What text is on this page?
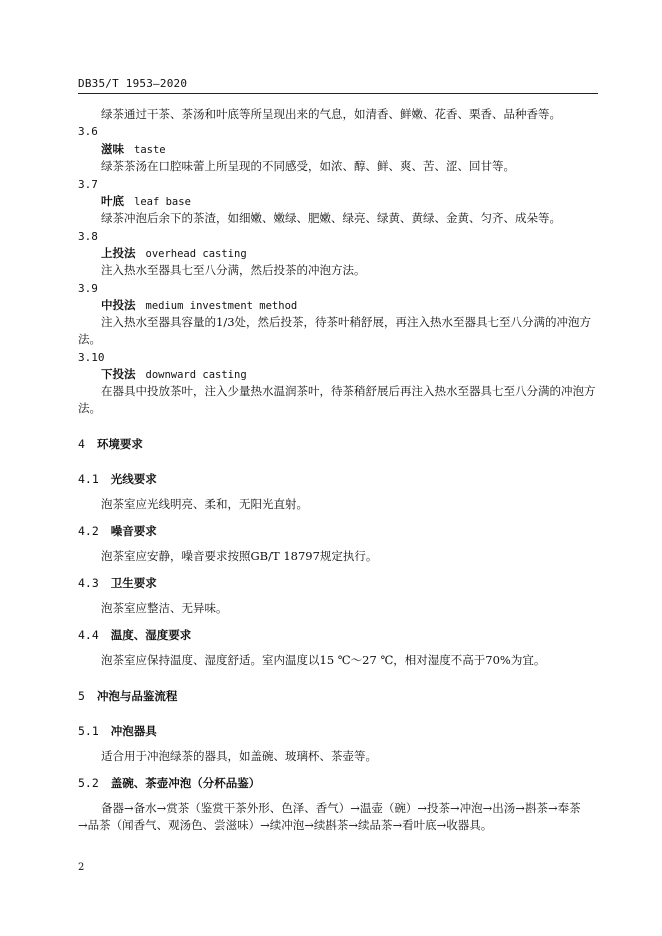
DB35/T 1953—2020
绿茶通过干茶、茶汤和叶底等所呈现出来的气息，如清香、鲜嫩、花香、栗香、品种香等。
3.6
滋味 taste
绿茶茶汤在口腔味蕾上所呈现的不同感受，如浓、醇、鲜、爽、苦、涩、回甘等。
3.7
叶底 leaf base
绿茶冲泡后余下的茶渣，如细嫩、嫩绿、肥嫩、绿亮、绿黄、黄绿、金黄、匀齐、成朵等。
3.8
上投法 overhead casting
注入热水至器具七至八分满，然后投茶的冲泡方法。
3.9
中投法 medium investment method
注入热水至器具容量的1/3处，然后投茶，待茶叶稍舒展，再注入热水至器具七至八分满的冲泡方
法。
3.10
下投法 downward casting
在器具中投放茶叶，注入少量热水温润茶叶，待茶稍舒展后再注入热水至器具七至八分满的冲泡方
法。
4 环境要求
4.1 光线要求
泡茶室应光线明亮、柔和，无阳光直射。
4.2 噪音要求
泡茶室应安静，噪音要求按照GB/T 18797规定执行。
4.3 卫生要求
泡茶室应整洁、无异味。
4.4 温度、湿度要求
泡茶室应保持温度、湿度舒适。室内温度以15 ℃～27 ℃，相对湿度不高于70%为宜。
5 冲泡与品鉴流程
5.1 冲泡器具
适合用于冲泡绿茶的器具，如盖碗、玻璃杯、茶壶等。
5.2 盖碗、茶壶冲泡（分杯品鉴）
备器→备水→赏茶（鉴赏干茶外形、色泽、香气）→温壶（碗）→投茶→冲泡→出汤→斟茶→奉茶
→品茶（闻香气、观汤色、尝滋味）→续冲泡→续斟茶→续品茶→看叶底→收器具。
2
